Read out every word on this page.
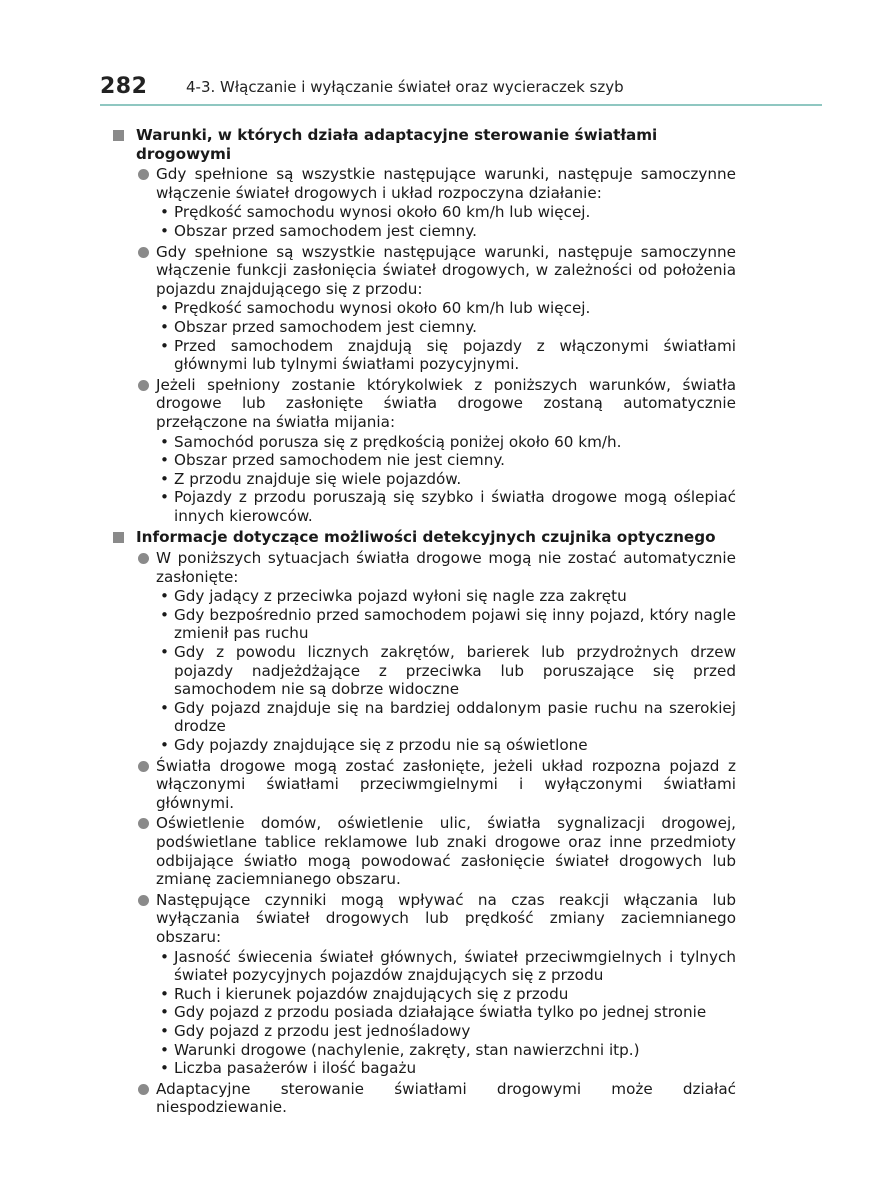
282	4-3. Włączanie i wyłączanie świateł oraz wycieraczek szyb
Warunki, w których działa adaptacyjne sterowanie światłami drogowymi
Gdy spełnione są wszystkie następujące warunki, następuje samoczynne włączenie świateł drogowych i układ rozpoczyna działanie:
• Prędkość samochodu wynosi około 60 km/h lub więcej.
• Obszar przed samochodem jest ciemny.
Gdy spełnione są wszystkie następujące warunki, następuje samoczynne włączenie funkcji zasłonięcia świateł drogowych, w zależności od położenia pojazdu znajdującego się z przodu:
• Prędkość samochodu wynosi około 60 km/h lub więcej.
• Obszar przed samochodem jest ciemny.
• Przed samochodem znajdują się pojazdy z włączonymi światłami głównymi lub tylnymi światłami pozycyjnymi.
Jeżeli spełniony zostanie którykolwiek z poniższych warunków, światła drogowe lub zasłonięte światła drogowe zostaną automatycznie przełączone na światła mijania:
• Samochód porusza się z prędkością poniżej około 60 km/h.
• Obszar przed samochodem nie jest ciemny.
• Z przodu znajduje się wiele pojazdów.
• Pojazdy z przodu poruszają się szybko i światła drogowe mogą oślepiać innych kierowców.
Informacje dotyczące możliwości detekcyjnych czujnika optycznego
W poniższych sytuacjach światła drogowe mogą nie zostać automatycznie zasłonięte:
• Gdy jadący z przeciwka pojazd wyłoni się nagle zza zakrętu
• Gdy bezpośrednio przed samochodem pojawi się inny pojazd, który nagle zmienił pas ruchu
• Gdy z powodu licznych zakrętów, barierek lub przydrożnych drzew pojazdy nadjeżdżające z przeciwka lub poruszające się przed samochodem nie są dobrze widoczne
• Gdy pojazd znajduje się na bardziej oddalonym pasie ruchu na szerokiej drodze
• Gdy pojazdy znajdujące się z przodu nie są oświetlone
Światła drogowe mogą zostać zasłonięte, jeżeli układ rozpozna pojazd z włączonymi światłami przeciwmgielnymi i wyłączonymi światłami głównymi.
Oświetlenie domów, oświetlenie ulic, światła sygnalizacji drogowej, podświetlane tablice reklamowe lub znaki drogowe oraz inne przedmioty odbijające światło mogą powodować zasłonięcie świateł drogowych lub zmianę zaciemnianego obszaru.
Następujące czynniki mogą wpływać na czas reakcji włączania lub wyłączania świateł drogowych lub prędkość zmiany zaciemnianego obszaru:
• Jasność świecenia świateł głównych, świateł przeciwmgielnych i tylnych świateł pozycyjnych pojazdów znajdujących się z przodu
• Ruch i kierunek pojazdów znajdujących się z przodu
• Gdy pojazd z przodu posiada działające światła tylko po jednej stronie
• Gdy pojazd z przodu jest jednośladowy
• Warunki drogowe (nachylenie, zakręty, stan nawierzchni itp.)
• Liczba pasażerów i ilość bagażu
Adaptacyjne sterowanie światłami drogowymi może działać niespodziewanie.
